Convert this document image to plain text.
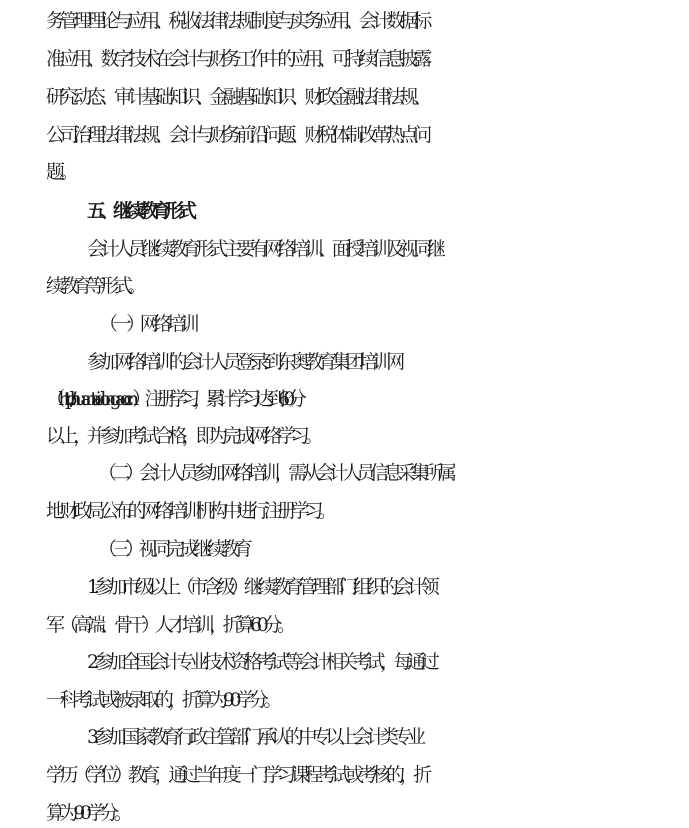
务管理理论与应用、税收法律法规制度与实务应用、会计数据标
准应用、数字技术在会计与财务工作中的应用、可持续信息披露
研究动态、审计基础知识、金融基础知识、财政金融法律法规、
公司治理法律法规、会计与财务前沿问题、财税体制改革热点问
题。
五、继续教育形式
会计人员继续教育形式主要有网络培训、面授培训及视同继
续教育等形式。
（一）网络培训
参加网络培训的会计人员登录到东奥教育集团培训网
（http://huantai.dongao.cn）注册学习，累计学习达到 60 分
以上，并参加考试合格，即为完成网络学习。
（二）会计人员参加网络培训，需从会计人员信息采集所属
地财政局公布的网络培训机构中进行注册学习。
（三）视同完成继续教育
1.参加市级以上（市含级）继续教育管理部门组织的会计领
军（高端、骨干）人才培训，折算60分。
2.参加全国会计专业技术资格考试等会计相关考试，每通过
一科考试或被录取的，折算为90学分。
3.参加国家教育行政主管部门承认的中专以上会计类专业
学历（学位）教育，通过当年度一门学习课程考试或考核的，折
算为90学分。
